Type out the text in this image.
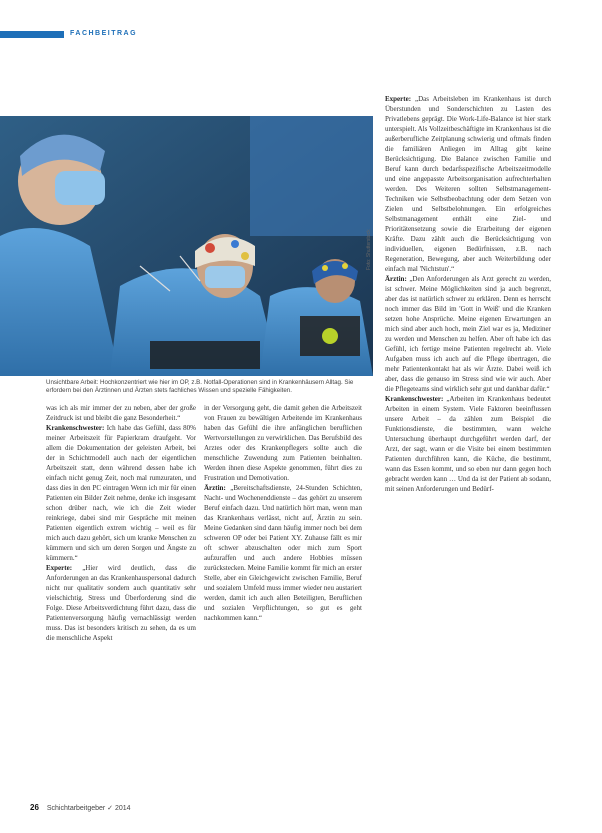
FACHBEITRAG
Foto: Shutterstock
Unsichtbare Arbeit: Hochkonzentriert wie hier im OP, z.B. Notfall-Operationen sind in Krankenhäusern Alltag. Sie erfordern bei den Ärztinnen und Ärzten stets fachliches Wissen und spezielle Fähigkeiten.

was ich als mir immer der zu neben, aber der große Zeitdruck ist und bleibt die ganz Besonderheit.“

Krankenschwester: Ich habe das Gefühl, dass 80% meiner Arbeitszeit für Papierkram draufgeht. Vor allem die Dokumentation der geleisten Arbeit, bei der in Schichtmodell auch nach der eigentlichen Arbeitszeit statt, denn während dessen habe ich einfach nicht genug Zeit, noch mal rumzuraten, und dass dies in den PC eintragen Wenn ich mir für einen Patienten ein Bilder Zeit nehme, denke ich insgesamt schon drüber nach, wie ich die Zeit wieder reinkriege, dabei sind mir Gespräche mit meinen Patienten eigentlich extrem wichtig – weil es für mich auch dazu gehört, sich um kranke Menschen zu kümmern und sich um deren Sorgen und Ängste zu kümmern.“

Experte: „Hier wird deutlich, dass die Anforderungen an das Krankenhauspersonal dadurch nicht nur qualitativ sondern auch quantitativ sehr vielschichtig. Stress und Überforderung sind die Folge. Diese Arbeitsverdichtung führt dazu, dass die Patientenversorgung häufig vernachlässigt werden muss. Das ist besonders kritisch zu sehen, da es um die menschliche Aspekt

in der Versorgung geht, die damit gehen die Arbeitszeit von Frauen zu bewältigen Arbeitende im Krankenhaus haben das Gefühl die ihre anfänglichen beruflichen Wertvorstellungen zu verwirklichen. Das Berufsbild des Arztes oder des Krankenpflegers sollte auch die menschliche Zuwendung zum Patienten beinhalten. Werden ihnen diese Aspekte genommen, führt dies zu Frustration und Demotivation.

Ärztin: „Bereitschaftsdienste, 24-Stunden Schichten, Nacht- und Wochenenddienste – das gehört zu unserem Beruf einfach dazu. Und natürlich hört man, wenn man das Krankenhaus verlässt, nicht auf, Ärztin zu sein. Meine Gedanken sind dann häufig immer noch bei dem schweren OP oder bei Patient XY. Zuhause fällt es mir oft schwer abzuschalten oder mich zum Sport aufzuraffen und auch andere Hobbies müssen zurückstecken. Meine Familie kommt für mich an erster Stelle, aber ein Gleichgewicht zwischen Familie, Beruf und sozialem Umfeld muss immer wieder neu austariert werden, damit ich auch allen Beteiligten, Beruflichen und sozialen Verpflichtungen, so gut es geht nachkommen kann.“

Experte: „Das Arbeitsleben im Krankenhaus ist durch Überstunden und Sonderschichten zu Lasten des Privatlebens geprägt. Die Work-Life-Balance ist hier stark unterspielt. Als Vollzeitbeschäftigte im Krankenhaus ist die außerberufliche Zeitplanung schwierig und oftmals finden die familiären Anliegen im Alltag gibt keine Berücksichtigung. Die Balance zwischen Familie und Beruf kann durch bedarfsspezifische Arbeitszeitmodelle und eine angepasste Arbeitsorganisation aufrechterhalten werden. Des Weiteren sollten Selbstmanagement-Techniken wie Selbstbeobachtung oder dem Setzen von Zielen und Selbstbelohnungen. Ein erfolgreiches Selbstmanagement enthält eine Ziel- und Prioritätensetzung sowie die Erarbeitung der eigenen Kräfte. Dazu zählt auch die Berücksichtigung von individuellen, eigenen Bedürfnissen, z.B. nach Regeneration, Bewegung, aber auch Weiterbildung oder einfach mal 'Nichtstun'.“

Ärztin: „Den Anforderungen als Arzt gerecht zu werden, ist schwer. Meine Möglichkeiten sind ja auch begrenzt, aber das ist natürlich schwer zu erklären. Denn es herrscht noch immer das Bild im 'Gott in Weiß' und die Kranken setzen hohe Ansprüche. Meine eigenen Erwartungen an mich sind aber auch hoch, mein Ziel war es ja, Mediziner zu werden und Menschen zu helfen. Aber oft habe ich das Gefühl, ich fertige meine Patienten regelrecht ab. Viele Aufgaben muss ich auch auf die Pflege übertragen, die mehr Patientenkontakt hat als wir Ärzte. Dabei weiß ich aber, dass die genauso im Stress sind wie wir auch. Aber die Pflegeteams sind wirklich sehr gut und dankbar dafür.“

Krankenschwester: „Arbeiten im Krankenhaus bedeutet Arbeiten in einem System. Viele Faktoren beeinflussen unsere Arbeit – da zählen zum Beispiel die Funktionsdienste, die bestimmten, wann welche Untersuchung überhaupt durchgeführt werden darf, der Arzt, der sagt, wann er die Visite bei einem bestimmten Patienten durchführen kann, die Küche, die bestimmt, wann das Essen kommt, und so eben nur dann gegen hoch gebracht werden kann … Und da ist der Patient ab sodann, mit seinen Anforderungen und Bedürf-

26 Schichtarbeitgeber ✓ 2014
